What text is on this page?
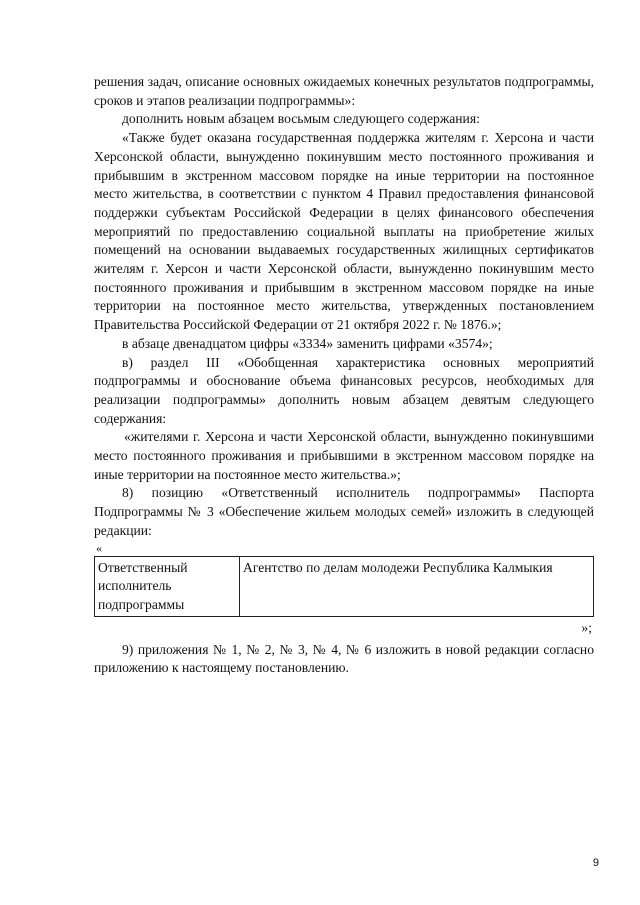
решения задач, описание основных ожидаемых конечных результатов подпрограммы, сроков и этапов реализации подпрограммы»:

дополнить новым абзацем восьмым следующего содержания:

«Также будет оказана государственная поддержка жителям г. Херсона и части Херсонской области, вынужденно покинувшим место постоянного проживания и прибывшим в экстренном массовом порядке на иные территории на постоянное место жительства, в соответствии с пунктом 4 Правил предоставления финансовой поддержки субъектам Российской Федерации в целях финансового обеспечения мероприятий по предоставлению социальной выплаты на приобретение жилых помещений на основании выдаваемых государственных жилищных сертификатов жителям г. Херсон и части Херсонской области, вынужденно покинувшим место постоянного проживания и прибывшим в экстренном массовом порядке на иные территории на постоянное место жительства, утвержденных постановлением Правительства Российской Федерации от 21 октября 2022 г. № 1876.»;

в абзаце двенадцатом цифры «3334» заменить цифрами «3574»;

в) раздел III «Обобщенная характеристика основных мероприятий подпрограммы и обоснование объема финансовых ресурсов, необходимых для реализации подпрограммы» дополнить новым абзацем девятым следующего содержания:

«жителями г. Херсона и части Херсонской области, вынужденно покинувшими место постоянного проживания и прибывшими в экстренном массовом порядке на иные территории на постоянное место жительства.»;

8) позицию «Ответственный исполнитель подпрограммы» Паспорта Подпрограммы № 3 «Обеспечение жильем молодых семей» изложить в следующей редакции:

«
Ответственный исполнитель подпрограммы	Агентство по делам молодежи Республика Калмыкия
»;

9) приложения № 1, № 2, № 3, № 4, № 6 изложить в новой редакции согласно приложению к настоящему постановлению.

9
